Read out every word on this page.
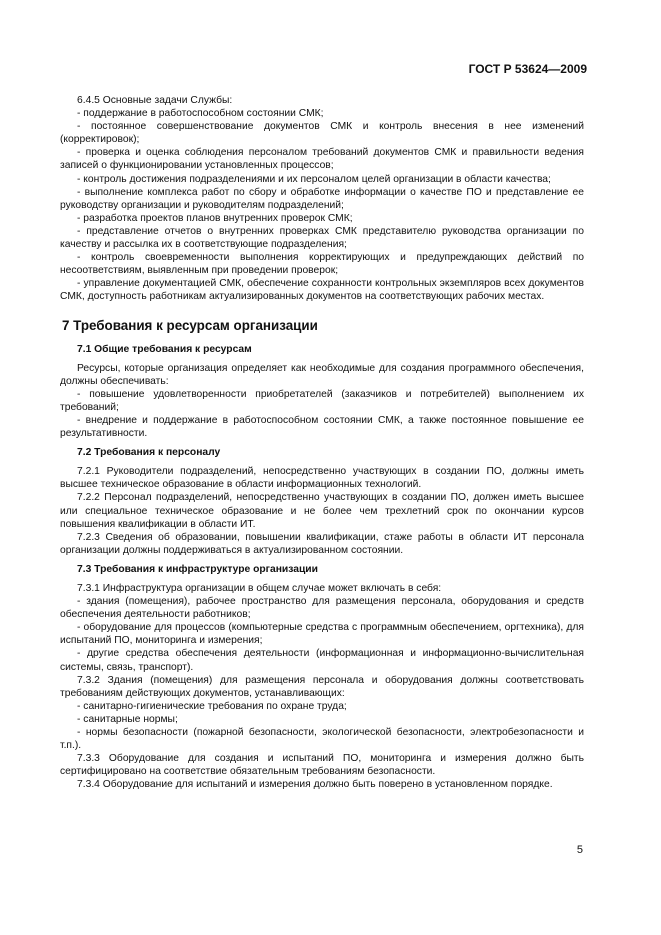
ГОСТ Р 53624—2009

6.4.5 Основные задачи Службы:

- поддержание в работоспособном состоянии СМК;

- постоянное совершенствование документов СМК и контроль внесения в нее изменений (корректировок);

- проверка и оценка соблюдения персоналом требований документов СМК и правильности ведения записей о функционировании установленных процессов;

- контроль достижения подразделениями и их персоналом целей организации в области качества;

- выполнение комплекса работ по сбору и обработке информации о качестве ПО и представление ее руководству организации и руководителям подразделений;

- разработка проектов планов внутренних проверок СМК;

- представление отчетов о внутренних проверках СМК представителю руководства организации по качеству и рассылка их в соответствующие подразделения;

- контроль своевременности выполнения корректирующих и предупреждающих действий по несоответствиям, выявленным при проведении проверок;

- управление документацией СМК, обеспечение сохранности контрольных экземпляров всех документов СМК, доступность работникам актуализированных документов на соответствующих рабочих местах.

7 Требования к ресурсам организации

7.1 Общие требования к ресурсам

Ресурсы, которые организация определяет как необходимые для создания программного обеспечения, должны обеспечивать:

- повышение удовлетворенности приобретателей (заказчиков и потребителей) выполнением их требований;

- внедрение и поддержание в работоспособном состоянии СМК, а также постоянное повышение ее результативности.

7.2 Требования к персоналу

7.2.1 Руководители подразделений, непосредственно участвующих в создании ПО, должны иметь высшее техническое образование в области информационных технологий.

7.2.2 Персонал подразделений, непосредственно участвующих в создании ПО, должен иметь высшее или специальное техническое образование и не более чем трехлетний срок по окончании курсов повышения квалификации в области ИТ.

7.2.3 Сведения об образовании, повышении квалификации, стаже работы в области ИТ персонала организации должны поддерживаться в актуализированном состоянии.

7.3 Требования к инфраструктуре организации

7.3.1 Инфраструктура организации в общем случае может включать в себя:

- здания (помещения), рабочее пространство для размещения персонала, оборудования и средств обеспечения деятельности работников;

- оборудование для процессов (компьютерные средства с программным обеспечением, оргтехника), для испытаний ПО, мониторинга и измерения;

- другие средства обеспечения деятельности (информационная и информационно-вычислительная системы, связь, транспорт).

7.3.2 Здания (помещения) для размещения персонала и оборудования должны соответствовать требованиям действующих документов, устанавливающих:

- санитарно-гигиенические требования по охране труда;

- санитарные нормы;

- нормы безопасности (пожарной безопасности, экологической безопасности, электробезопасности и т.п.).

7.3.3 Оборудование для создания и испытаний ПО, мониторинга и измерения должно быть сертифицировано на соответствие обязательным требованиям безопасности.

7.3.4 Оборудование для испытаний и измерения должно быть поверено в установленном порядке.

5
